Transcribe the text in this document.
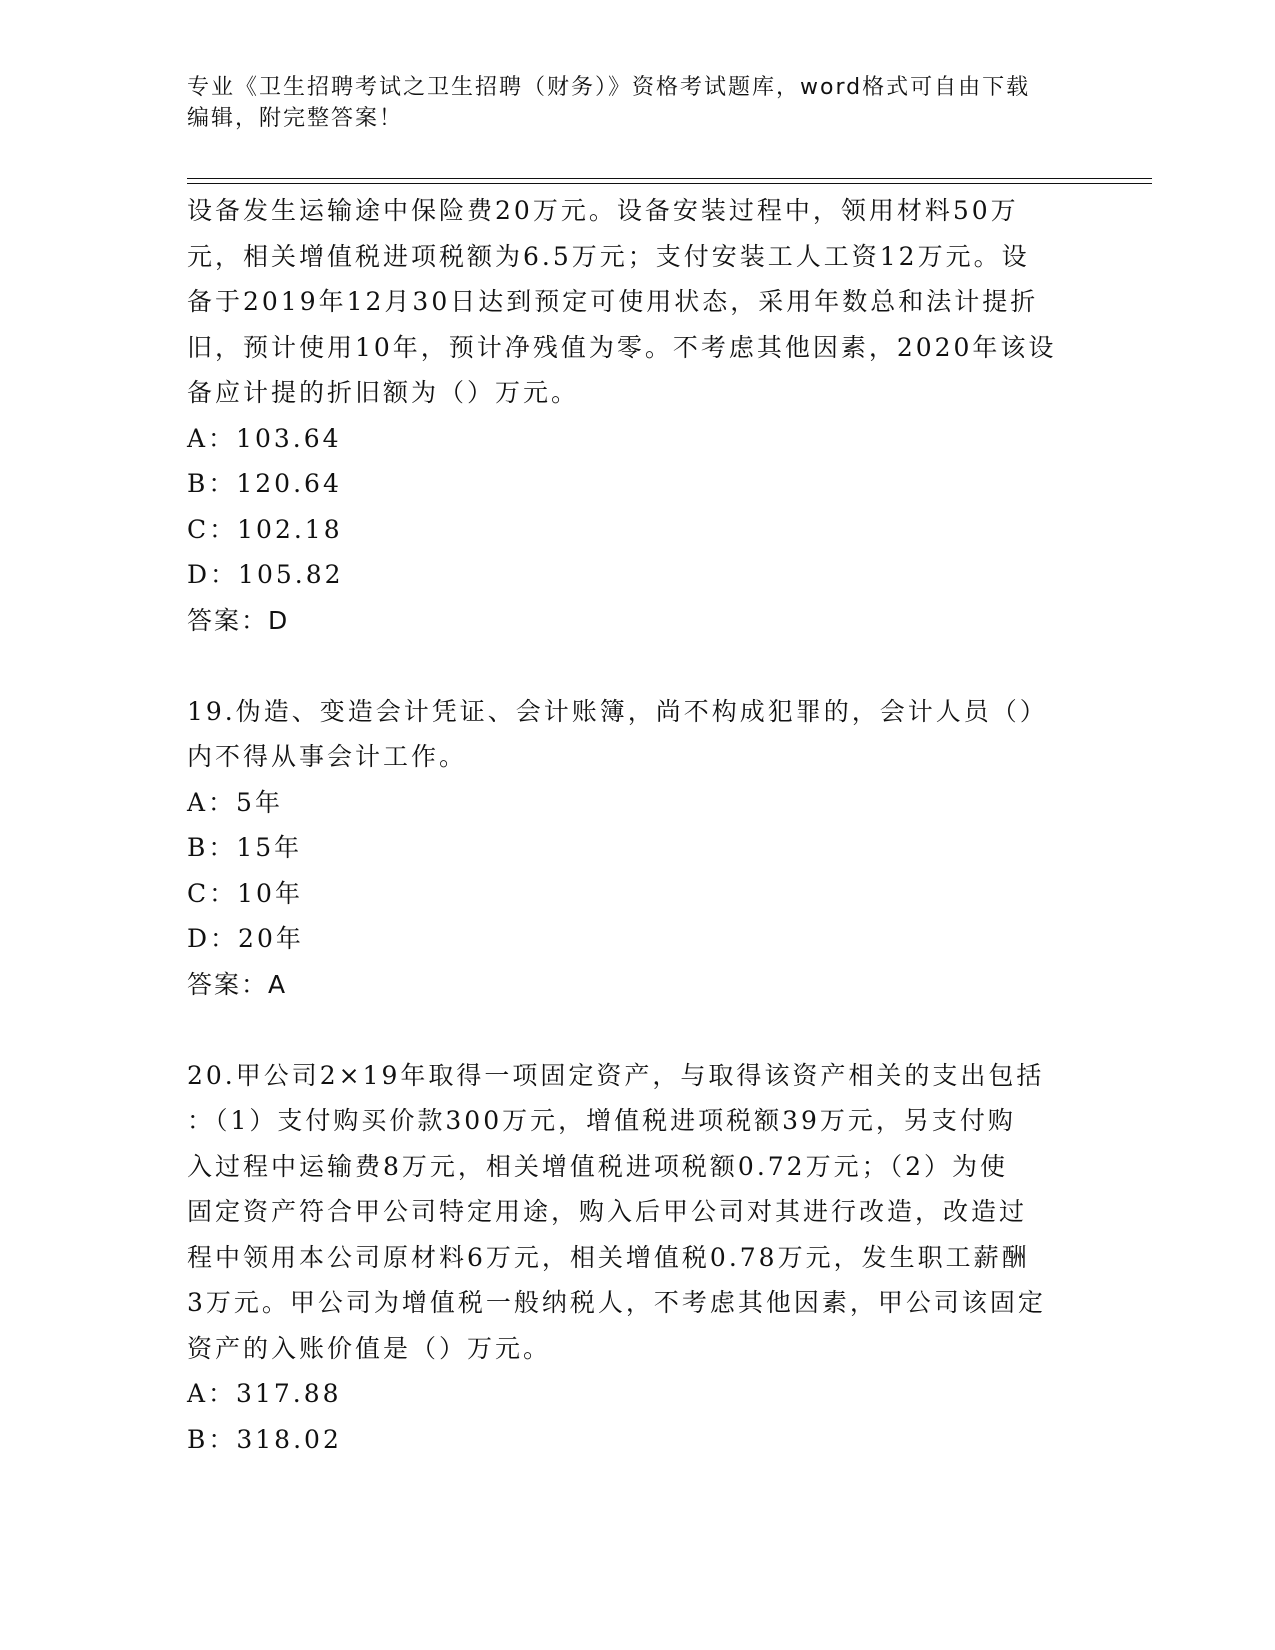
专业《卫生招聘考试之卫生招聘（财务）》资格考试题库，word格式可自由下载
编辑，附完整答案！
设备发生运输途中保险费20万元。设备安装过程中，领用材料50万
元，相关增值税进项税额为6.5万元；支付安装工人工资12万元。设
备于2019年12月30日达到预定可使用状态，采用年数总和法计提折
旧，预计使用10年，预计净残值为零。不考虑其他因素，2020年该设
备应计提的折旧额为（）万元。
A：103.64
B：120.64
C：102.18
D：105.82
答案：D
19.伪造、变造会计凭证、会计账簿，尚不构成犯罪的，会计人员（）
内不得从事会计工作。
A：5年
B：15年
C：10年
D：20年
答案：A
20.甲公司2×19年取得一项固定资产，与取得该资产相关的支出包括
：（1）支付购买价款300万元，增值税进项税额39万元，另支付购
入过程中运输费8万元，相关增值税进项税额0.72万元；（2）为使
固定资产符合甲公司特定用途，购入后甲公司对其进行改造，改造过
程中领用本公司原材料6万元，相关增值税0.78万元，发生职工薪酬
3万元。甲公司为增值税一般纳税人，不考虑其他因素，甲公司该固定
资产的入账价值是（）万元。
A：317.88
B：318.02
